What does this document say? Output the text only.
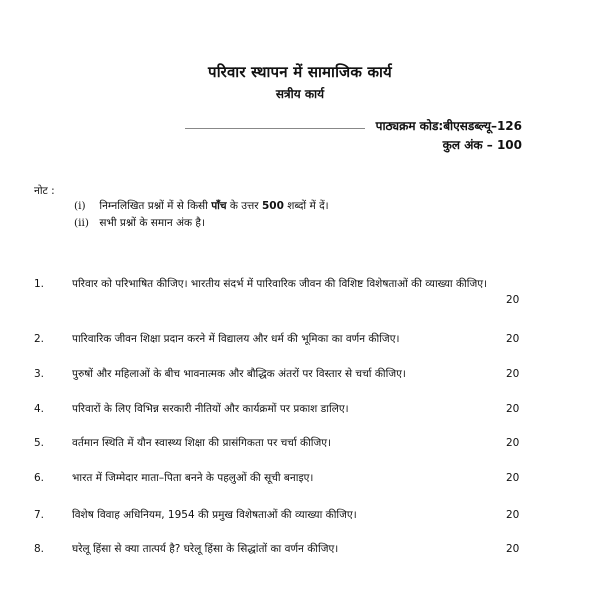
परिवार स्थापन में सामाजिक कार्य
सत्रीय कार्य
पाठ्यक्रम कोड:बीएसडब्ल्यू–126
कुल अंक – 100
नोट :
(i) निम्नलिखित प्रश्नों में से किसी पाँच के उत्तर 500 शब्दों में दें।
(ii) सभी प्रश्नों के समान अंक है।
1.	परिवार को परिभाषित कीजिए। भारतीय संदर्भ में पारिवारिक जीवन की विशिष्ट विशेषताओं की व्याख्या कीजिए।
20
2.	पारिवारिक जीवन शिक्षा प्रदान करने में विद्यालय और धर्म की भूमिका का वर्णन कीजिए।	20
3.	पुरुषों और महिलाओं के बीच भावनात्मक और बौद्धिक अंतरों पर विस्तार से चर्चा कीजिए।	20
4.	परिवारों के लिए विभिन्न सरकारी नीतियों और कार्यक्रमों पर प्रकाश डालिए।	20
5.	वर्तमान स्थिति में यौन स्वास्थ्य शिक्षा की प्रासंगिकता पर चर्चा कीजिए।	20
6.	भारत में जिम्मेदार माता–पिता बनने के पहलुओं की सूची बनाइए।	20
7.	विशेष विवाह अधिनियम, 1954 की प्रमुख विशेषताओं की व्याख्या कीजिए।	20
8.	घरेलू हिंसा से क्या तात्पर्य है? घरेलू हिंसा के सिद्धांतों का वर्णन कीजिए।	20
